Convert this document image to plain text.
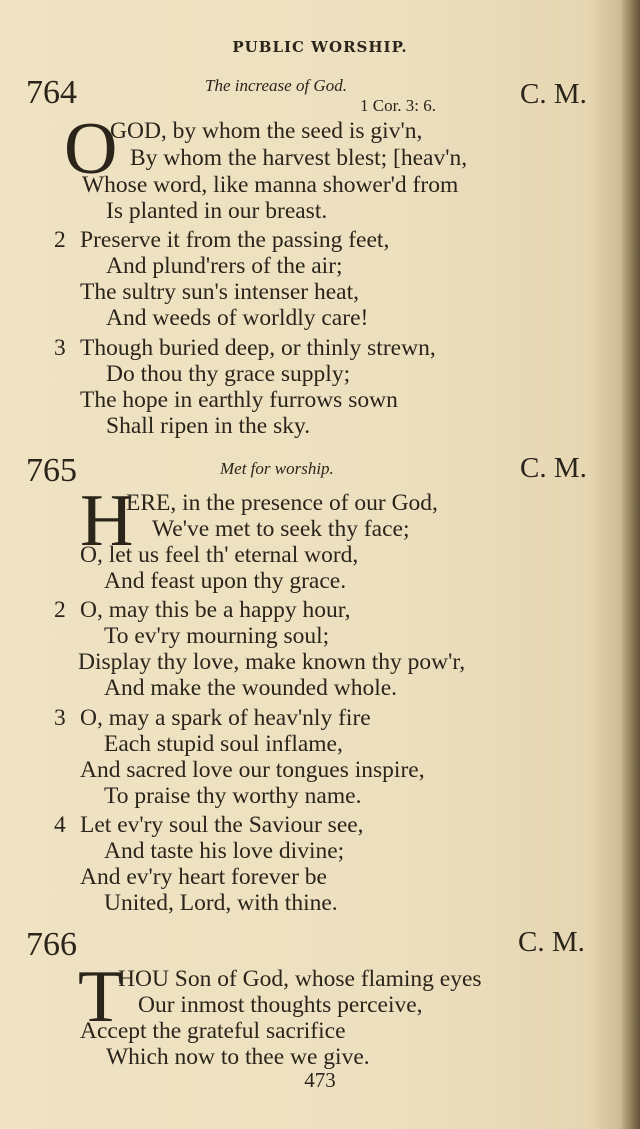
PUBLIC WORSHIP.
764	The increase of God.
1 Cor. 3: 6.	C. M.
O
GOD, by whom the seed is giv'n,
By whom the harvest blest; [heav'n,
Whose word, like manna shower'd from
Is planted in our breast.
2 Preserve it from the passing feet,
And plund'rers of the air;
The sultry sun's intenser heat,
And weeds of worldly care!
3 Though buried deep, or thinly strewn,
Do thou thy grace supply;
The hope in earthly furrows sown
Shall ripen in the sky.
765	Met for worship.	C. M.
H
ERE, in the presence of our God,
We've met to seek thy face;
O, let us feel th' eternal word,
And feast upon thy grace.
2 O, may this be a happy hour,
To ev'ry mourning soul;
Display thy love, make known thy pow'r,
And make the wounded whole.
3 O, may a spark of heav'nly fire
Each stupid soul inflame,
And sacred love our tongues inspire,
To praise thy worthy name.
4 Let ev'ry soul the Saviour see,
And taste his love divine;
And ev'ry heart forever be
United, Lord, with thine.
766	C. M.
T
HOU Son of God, whose flaming eyes
Our inmost thoughts perceive,
Accept the grateful sacrifice
Which now to thee we give.
473
